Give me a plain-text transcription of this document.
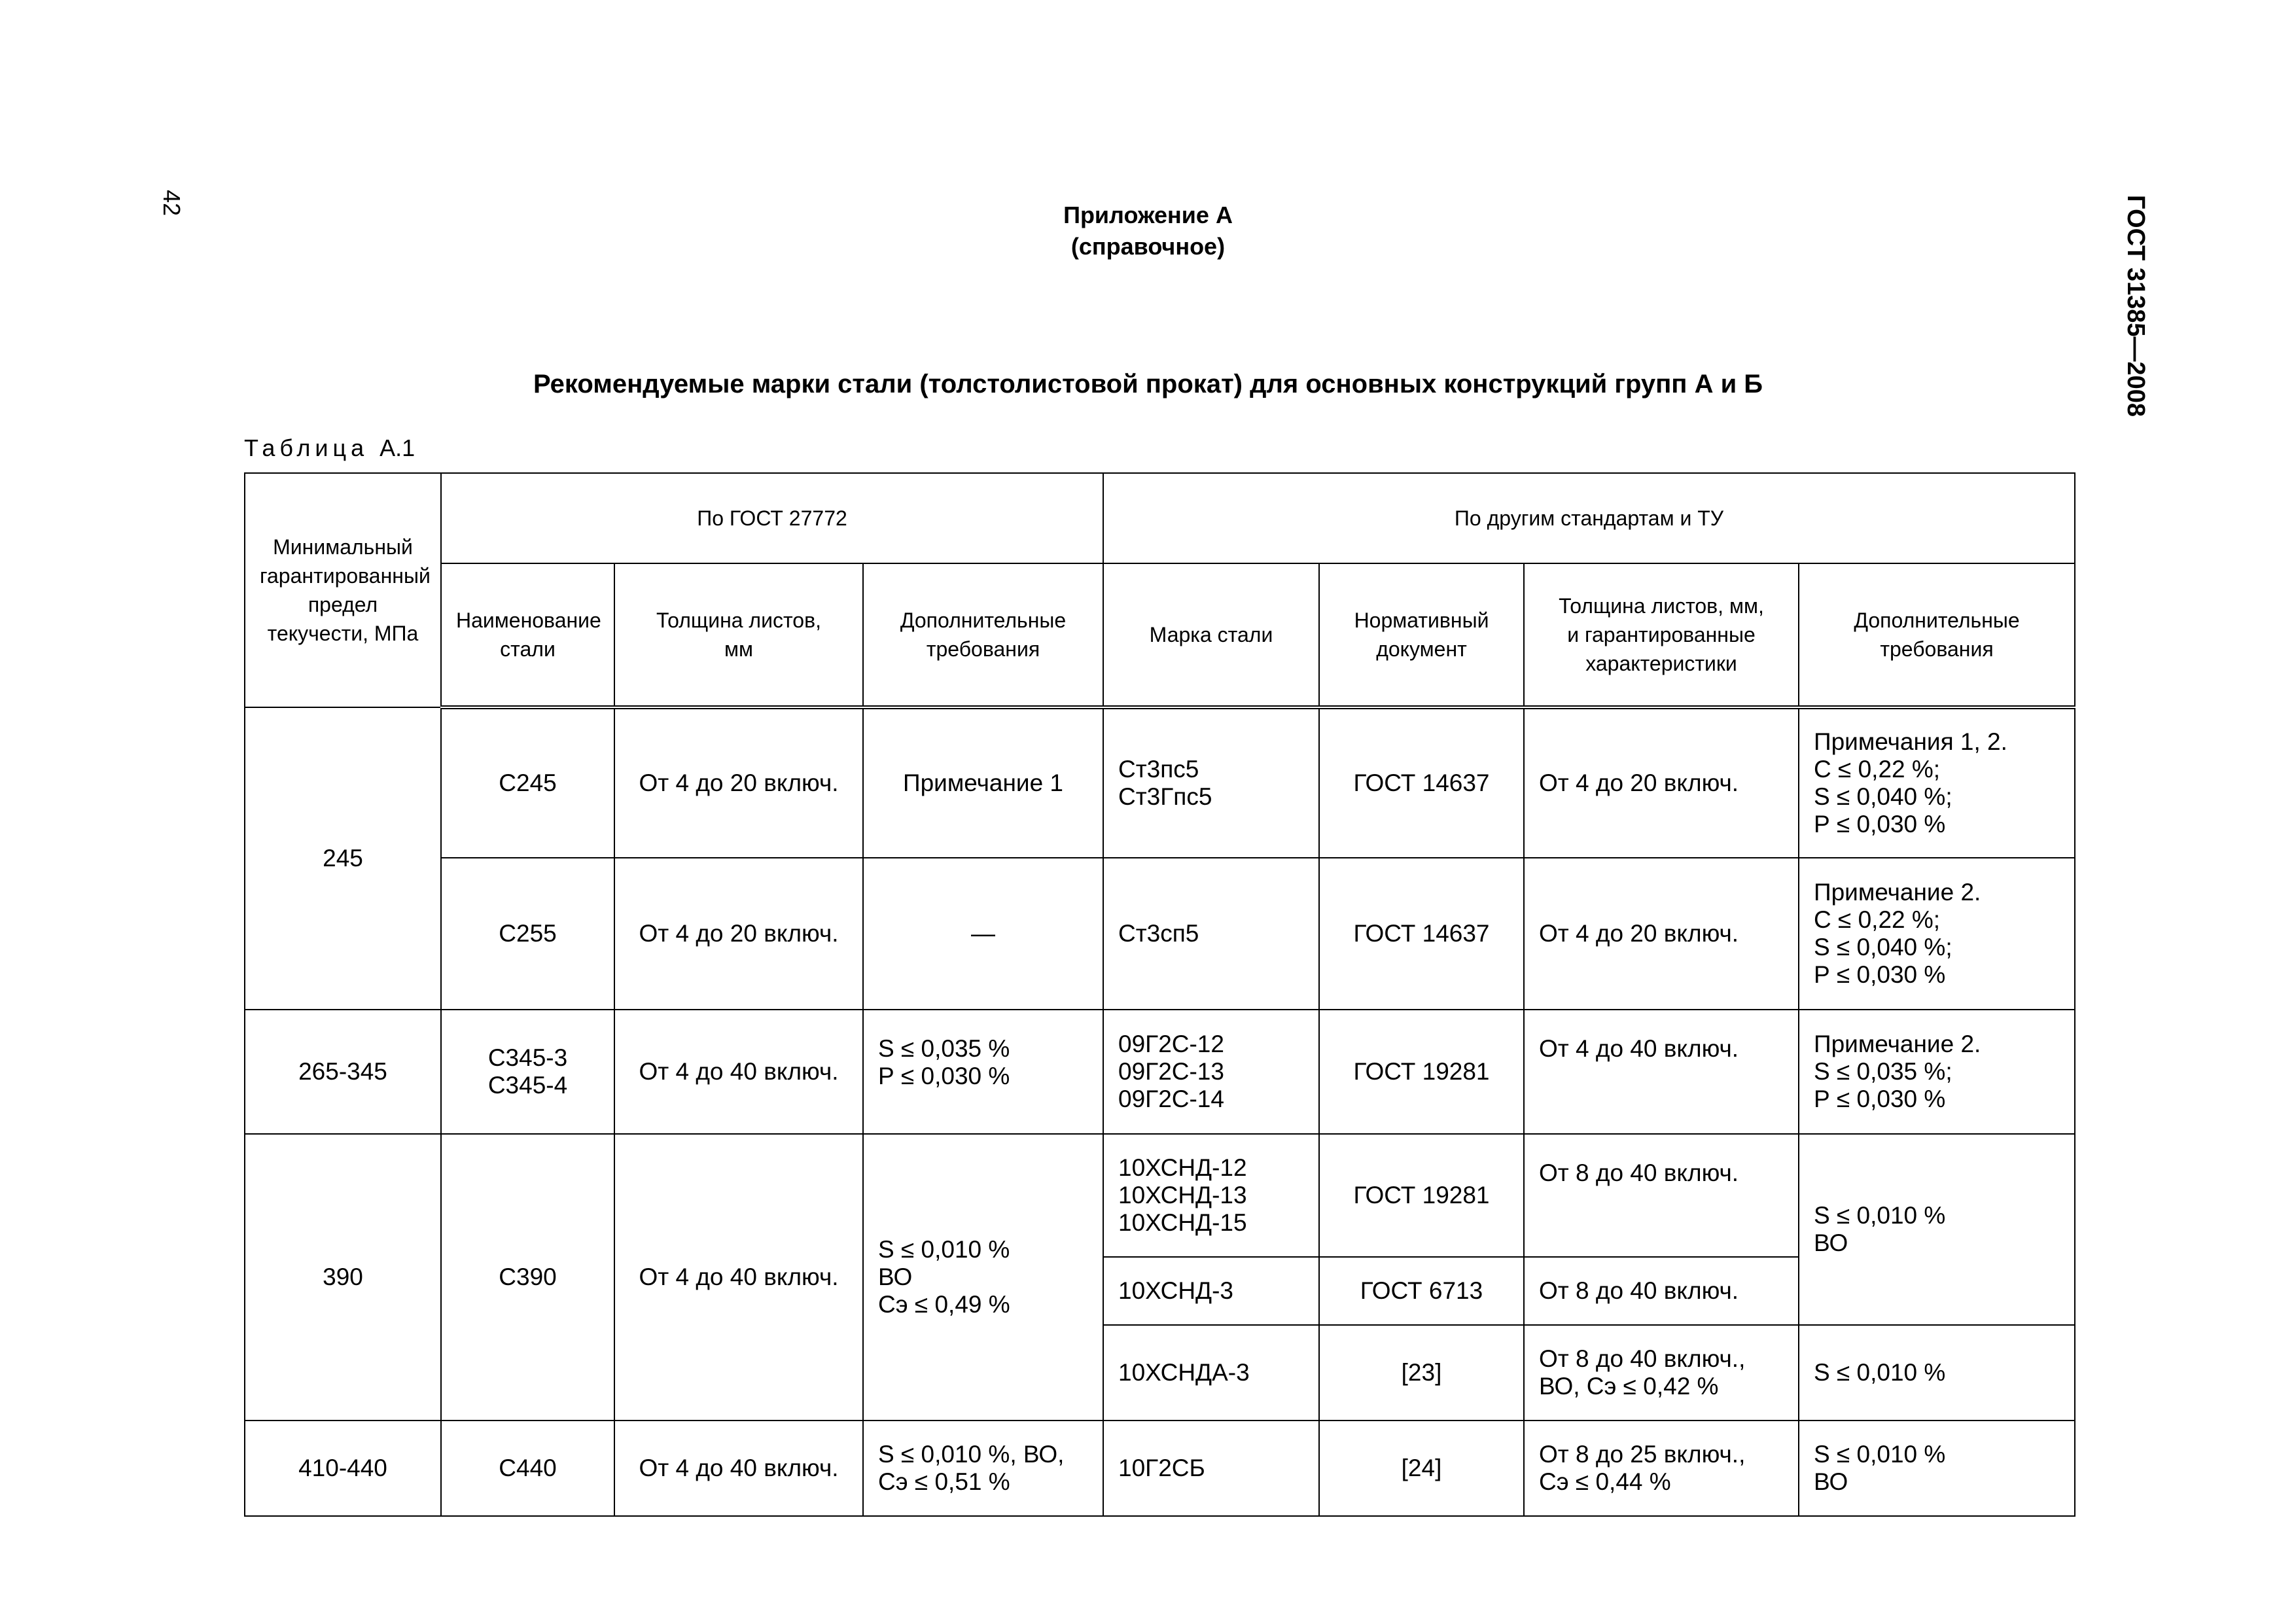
42	ГОСТ 31385—2008
Приложение А
(справочное)
Рекомендуемые марки стали (толстолистовой прокат) для основных конструкций групп А и Б
Таблица А.1
Минимальный
гарантированный
предел
текучести, МПа	По ГОСТ 27772			По другим стандартам и ТУ			

	Наименование
стали	Толщина листов,
мм	Дополнительные
требования	Марка стали	Нормативный
документ	Толщина листов, мм,
и гарантированные
характеристики	Дополнительные
требования

245	С245	От 4 до 20 включ.	Примечание 1	Ст3пс5
Ст3Гпс5	ГОСТ 14637	От 4 до 20 включ.	Примечания 1, 2.
С ≤ 0,22 %;
S ≤ 0,040 %;
Р ≤ 0,030 %

	С255	От 4 до 20 включ.	—	Ст3сп5	ГОСТ 14637	От 4 до 20 включ.	Примечание 2.
С ≤ 0,22 %;
S ≤ 0,040 %;
Р ≤ 0,030 %

265-345	С345-3
С345-4	От 4 до 40 включ.	S ≤ 0,035 %
Р ≤ 0,030 %	09Г2С-12
09Г2С-13
09Г2С-14	ГОСТ 19281	От 4 до 40 включ.	Примечание 2.
S ≤ 0,035 %;
Р ≤ 0,030 %

390	С390	От 4 до 40 включ.	S ≤ 0,010 %
ВО
Сэ ≤ 0,49 %	10ХСНД-12
10ХСНД-13
10ХСНД-15	ГОСТ 19281	От 8 до 40 включ.	S ≤ 0,010 %
ВО

				10ХСНД-3	ГОСТ 6713	От 8 до 40 включ.	

				10ХСНДА-3	[23]	От 8 до 40 включ.,
ВО, Сэ ≤ 0,42 %	S ≤ 0,010 %

410-440	С440	От 4 до 40 включ.	S ≤ 0,010 %, ВО,
Сэ ≤ 0,51 %	10Г2СБ	[24]	От 8 до 25 включ.,
Сэ ≤ 0,44 %	S ≤ 0,010 %
ВО
